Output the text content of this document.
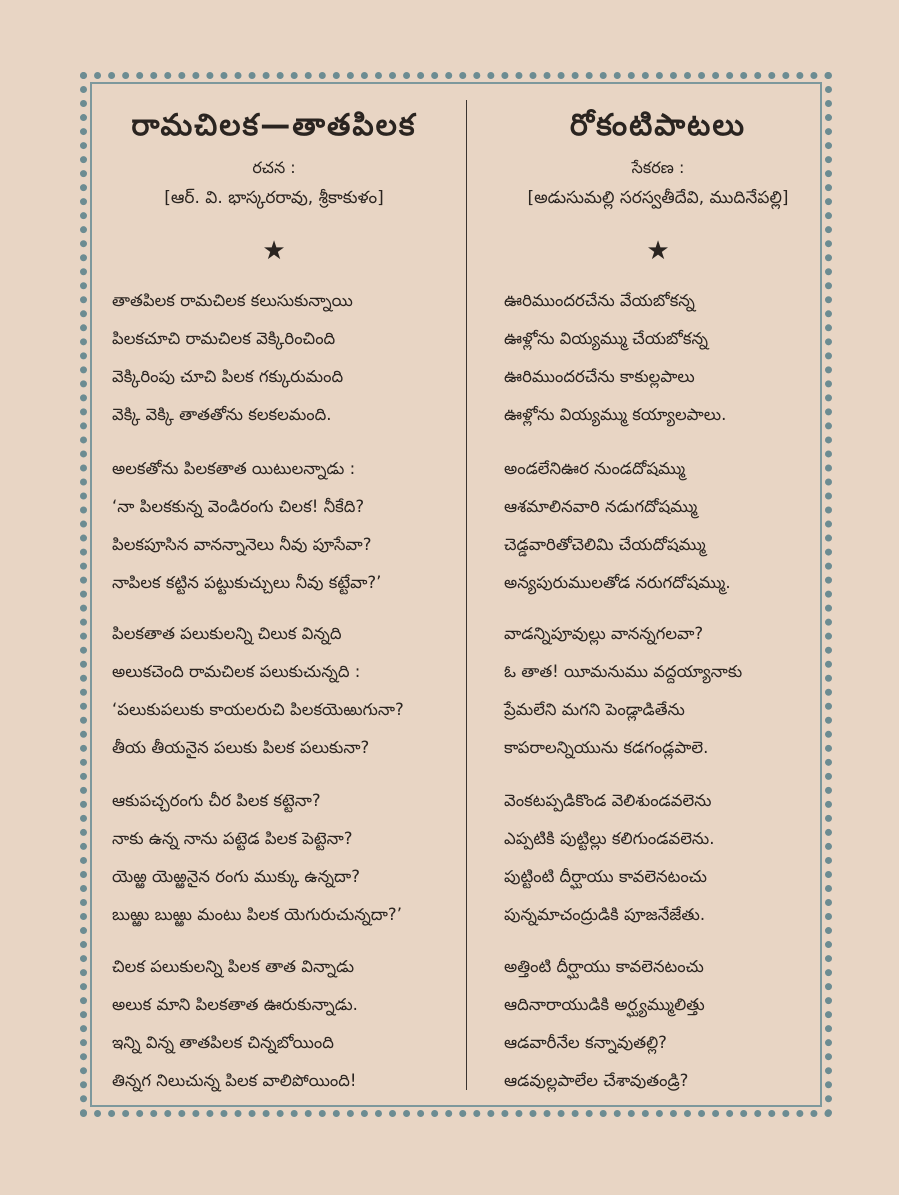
రామచిలక—తాతపిలక
రచన :
[ఆర్. వి. భాస్కరరావు, శ్రీకాకుళం]
★
తాతపిలక రామచిలక కలుసుకున్నాయి
పిలకచూచి రామచిలక వెక్కిరించింది
వెక్కిరింపు చూచి పిలక గక్కురుమంది
వెక్కి వెక్కి తాతతోను కలకలమంది.
అలకతోను పిలకతాత యిటులన్నాడు :
‘నా పిలకకున్న వెండిరంగు చిలక! నీకేది?
పిలకపూసిన వానన్నానెలు నీవు పూసేవా?
నాపిలక కట్టిన పట్టుకుచ్చులు నీవు కట్టేవా?’
పిలకతాత పలుకులన్ని చిలుక విన్నది
అలుకచెంది రామచిలక పలుకుచున్నది :
‘పలుకుపలుకు కాయలరుచి పిలకయెఱుగునా?
తీయ తీయనైన పలుకు పిలక పలుకునా?
ఆకుపచ్చరంగు చీర పిలక కట్టెనా?
నాకు ఉన్న నాను పట్టెడ పిలక పెట్టెనా?
యెఱ్ఱ యెఱ్ఱనైన రంగు ముక్కు ఉన్నదా?
బుఱ్ఱు బుఱ్ఱు మంటు పిలక యెగురుచున్నదా?’
చిలక పలుకులన్ని పిలక తాత విన్నాడు
అలుక మాని పిలకతాత ఊరుకున్నాడు.
ఇన్ని విన్న తాతపిలక చిన్నబోయింది
తిన్నగ నిలుచున్న పిలక వాలిపోయింది!
రోకంటిపాటలు
సేకరణ :
[అడుసుమల్లి సరస్వతీదేవి, ముదినేపల్లి]
★
ఊరిముందరచేను వేయబోకన్న
ఊళ్లోను వియ్యమ్ము చేయబోకన్న
ఊరిముందరచేను కాకుల్లపాలు
ఊళ్లోను వియ్యమ్ము కయ్యాలపాలు.
అండలేనిఊర నుండదోషమ్ము
ఆశమాలినవారి నడుగదోషమ్ము
చెడ్డవారితోచెలిమి చేయదోషమ్ము
అన్యపురుములతోడ నరుగదోషమ్ము.
వాడన్నిపూవుల్లు వానన్నగలవా?
ఓ తాత! యీమనుము వద్దయ్యానాకు
ప్రేమలేని మగని పెండ్లాడితేను
కాపరాలన్నియును కడగండ్లపాలె.
వెంకటప్పడికొండ వెలిశుండవలెను
ఎప్పటికి పుట్టిల్లు కలిగుండవలెను.
పుట్టింటి దీర్ఘాయు కావలెనటంచు
పున్నమాచంద్రుడికి పూజనేజేతు.
అత్తింటి దీర్ఘాయు కావలెనటంచు
ఆదినారాయుడికి అర్ఘ్యమ్ములిత్తు
ఆడవారీనేల కన్నావుతల్లి?
ఆడవుల్లపాలేల చేశావుతండ్రి?
